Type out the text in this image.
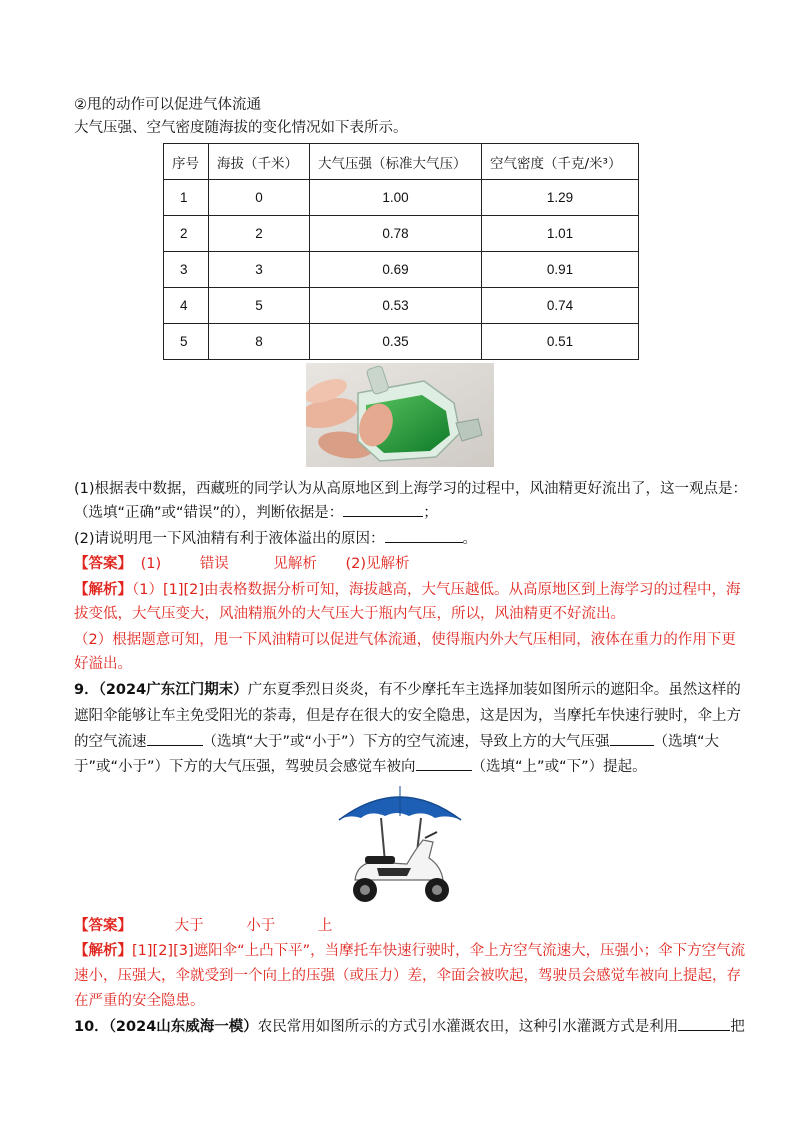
②甩的动作可以促进气体流通
大气压强、空气密度随海拔的变化情况如下表所示。
序号	海拔（千米）	大气压强（标准大气压）	空气密度（千克/米³）
1	0	1.00	1.29
2	2	0.78	1.01
3	3	0.69	0.91
4	5	0.53	0.74
5	8	0.35	0.51
(1)根据表中数据，西藏班的同学认为从高原地区到上海学习的过程中，风油精更好流出了，这一观点是：
（选填“正确”或“错误”的），判断依据是：	；
(2)请说明甩一下风油精有利于液体溢出的原因：	。
【答案】 (1)	错误	见解析 (2)见解析
【解析】（1）[1][2]由表格数据分析可知，海拔越高，大气压越低。从高原地区到上海学习的过程中，海
拔变低，大气压变大，风油精瓶外的大气压大于瓶内气压，所以，风油精更不好流出。
（2）根据题意可知，甩一下风油精可以促进气体流通，使得瓶内外大气压相同，液体在重力的作用下更
好溢出。
9．（2024广东江门期末）广东夏季烈日炎炎，有不少摩托车主选择加装如图所示的遮阳伞。虽然这样的
遮阳伞能够让车主免受阳光的荼毒，但是存在很大的安全隐患，这是因为，当摩托车快速行驶时，伞上方
的空气流速	（选填“大于”或“小于”）下方的空气流速，导致上方的大气压强	（选填“大
于”或“小于”）下方的大气压强，驾驶员会感觉车被向	（选填“上”或“下”）提起。
【答案】	大于	小于	上
【解析】[1][2][3]遮阳伞“上凸下平”，当摩托车快速行驶时，伞上方空气流速大，压强小；伞下方空气流
速小，压强大，伞就受到一个向上的压强（或压力）差，伞面会被吹起，驾驶员会感觉车被向上提起，存
在严重的安全隐患。
10．（2024山东威海一模）农民常用如图所示的方式引水灌溉农田，这种引水灌溉方式是利用	把
